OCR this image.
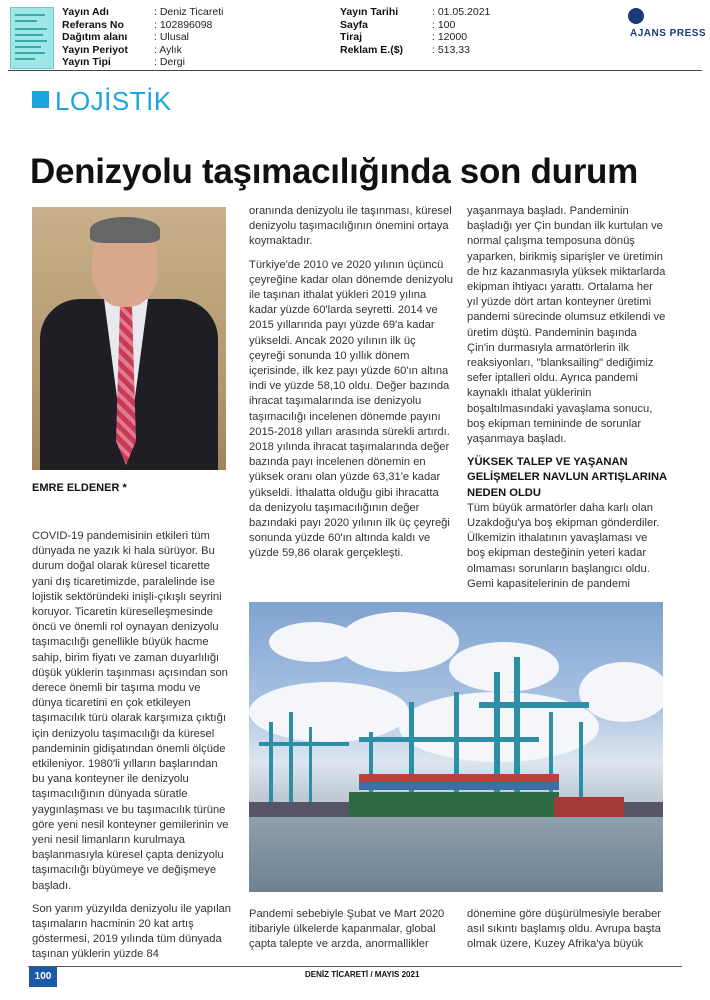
Yayın Adı	: Deniz Ticareti
Referans No	: 102896098
Dağıtım alanı	: Ulusal
Yayın Periyot	: Aylık
Yayın Tipi	: Dergi
Yayın Tarihi	: 01.05.2021
Sayfa	: 100
Tiraj	: 12000
Reklam E.($)	: 513,33
AJANS PRESS
LOJİSTİK
Denizyolu taşımacılığında son durum
EMRE ELDENER *

COVID-19 pandemisinin etkileri tüm dünyada ne yazık ki hala sürüyor. Bu durum doğal olarak küresel ticarette yani dış ticaretimizde, paralelinde ise lojistik sektöründeki inişli-çıkışlı seyrini koruyor. Ticaretin küreselleşmesinde öncü ve önemli rol oynayan denizyolu taşımacılığı genellikle büyük hacme sahip, birim fiyatı ve zaman duyarlılığı düşük yüklerin taşınması açısından son derece önemli bir taşıma modu ve dünya ticaretini en çok etkileyen taşımacılık türü olarak karşımıza çıktığı için denizyolu taşımacılığı da küresel pandeminin gidişatından önemli ölçüde etkileniyor. 1980'li yılların başlarından bu yana konteyner ile denizyolu taşımacılığının dünyada süratle yaygınlaşması ve bu taşımacılık türüne göre yeni nesil konteyner gemilerinin ve yeni nesil limanların kurulmaya başlanmasıyla küresel çapta denizyolu taşımacılığı büyümeye ve değişmeye başladı.

Son yarım yüzyılda denizyolu ile yapılan taşımaların hacminin 20 kat artış göstermesi, 2019 yılında tüm dünyada taşınan yüklerin yüzde 84

oranında denizyolu ile taşınması, küresel denizyolu taşımacılığının önemini ortaya koymaktadır.

Türkiye'de 2010 ve 2020 yılının üçüncü çeyreğine kadar olan dönemde denizyolu ile taşınan ithalat yükleri 2019 yılına kadar yüzde 60'larda seyretti. 2014 ve 2015 yıllarında payı yüzde 69'a kadar yükseldi. Ancak 2020 yılının ilk üç çeyreği sonunda 10 yıllık dönem içerisinde, ilk kez payı yüzde 60'ın altına indi ve yüzde 58,10 oldu. Değer bazında ihracat taşımalarında ise denizyolu taşımacılığı incelenen dönemde payını 2015-2018 yılları arasında sürekli artırdı. 2018 yılında ihracat taşımalarında değer bazında payı incelenen dönemin en yüksek oranı olan yüzde 63,31'e kadar yükseldi. İthalatta olduğu gibi ihracatta da denizyolu taşımacılığının değer bazındaki payı 2020 yılının ilk üç çeyreği sonunda yüzde 60'ın altında kaldı ve yüzde 59,86 olarak gerçekleşti.

yaşanmaya başladı. Pandeminin başladığı yer Çin bundan ilk kurtulan ve normal çalışma temposuna dönüş yaparken, birikmiş siparişler ve üretimin de hız kazanmasıyla yüksek miktarlarda ekipman ihtiyacı yarattı. Ortalama her yıl yüzde dört artan konteyner üretimi pandemi sürecinde olumsuz etkilendi ve üretim düştü. Pandeminin başında Çin'in durmasıyla armatörlerin ilk reaksiyonları, "blanksailing" dediğimiz sefer iptalleri oldu. Ayrıca pandemi kaynaklı ithalat yüklerinin boşaltılmasındaki yavaşlama sonucu, boş ekipman temininde de sorunlar yaşanmaya başladı.

YÜKSEK TALEP VE YAŞANAN GELİŞMELER NAVLUN ARTIŞLARINA NEDEN OLDU

Tüm büyük armatörler daha karlı olan Uzakdoğu'ya boş ekipman gönderdiler. Ülkemizin ithalatının yavaşlaması ve boş ekipman desteğinin yeteri kadar olmaması sorunların başlangıcı oldu. Gemi kapasitelerinin de pandemi

Pandemi sebebiyle Şubat ve Mart 2020 itibariyle ülkelerde kapanmalar, global çapta talepte ve arzda, anormallikler

dönemine göre düşürülmesiyle beraber asıl sıkıntı başlamış oldu. Avrupa başta olmak üzere, Kuzey Afrika'ya büyük

100	DENİZ TİCARETİ / MAYIS 2021
